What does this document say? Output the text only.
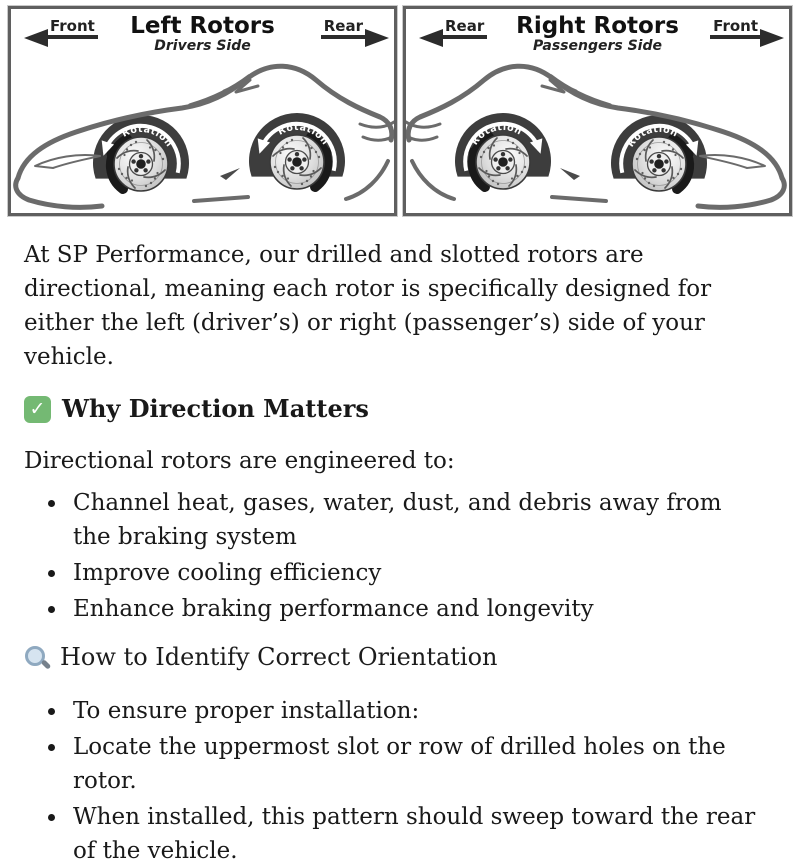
Rotation
Rotation	Rotation
Rotation
Front	Left Rotors
Drivers Side
Rear	Rear	Right Rotors
Passengers Side
Front

At SP Performance, our drilled and slotted rotors are directional, meaning each rotor is specifically designed for either the left (driver’s) or right (passenger’s) side of your vehicle.

✓ Why Direction Matters

Directional rotors are engineered to:

• Channel heat, gases, water, dust, and debris away from the braking system
• Improve cooling efficiency
• Enhance braking performance and longevity
How to Identify Correct Orientation
• To ensure proper installation:
• Locate the uppermost slot or row of drilled holes on the rotor.
• When installed, this pattern should sweep toward the rear of the vehicle.
